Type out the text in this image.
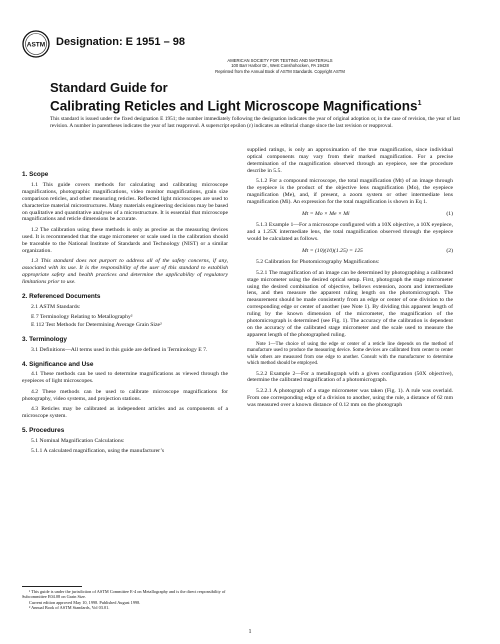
ASTM Designation: E 1951 – 98
AMERICAN SOCIETY FOR TESTING AND MATERIALS
100 Barr Harbor Dr., West Conshohocken, PA 19428
Reprinted from the Annual Book of ASTM Standards. Copyright ASTM
Standard Guide for
Calibrating Reticles and Light Microscope Magnifications$^1$
This standard is issued under the fixed designation E 1951; the number immediately following the designation indicates the year of original adoption or, in the case of revision, the year of last revision. A number in parentheses indicates the year of last reapproval. A superscript epsilon (ε) indicates an editorial change since the last revision or reapproval.
1. Scope

1.1 This guide covers methods for calculating and calibrating microscope magnifications, photographic magnifications, video monitor magnifications, grain size comparison reticles, and other measuring reticles. Reflected light microscopes are used to characterize material microstructures. Many materials engineering decisions may be based on qualitative and quantitative analyses of a microstructure. It is essential that microscope magnifications and reticle dimensions be accurate.

1.2 The calibration using these methods is only as precise as the measuring devices used. It is recommended that the stage micrometer or scale used in the calibration should be traceable to the National Institute of Standards and Technology (NIST) or a similar organization.

1.3 This standard does not purport to address all of the safety concerns, if any, associated with its use. It is the responsibility of the user of this standard to establish appropriate safety and health practices and determine the applicability of regulatory limitations prior to use.

2. Referenced Documents

2.1 ASTM Standards:

E 7 Terminology Relating to Metallography²

E 112 Test Methods for Determining Average Grain Size²

3. Terminology

3.1 Definitions—All terms used in this guide are defined in Terminology E 7.

4. Significance and Use

4.1 These methods can be used to determine magnifications as viewed through the eyepieces of light microscopes.

4.2 These methods can be used to calibrate microscope magnifications for photography, video systems, and projection stations.

4.3 Reticles may be calibrated as independent articles and as components of a microscope system.

5. Procedures

5.1 Nominal Magnification Calculations:

5.1.1 A calculated magnification, using the manufacturer’s

supplied ratings, is only an approximation of the true magnification, since individual optical components may vary from their marked magnification. For a precise determination of the magnification observed through an eyepiece, see the procedure describe in 5.5.

5.1.2 For a compound microscope, the total magnification (Mt) of an image through the eyepiece is the product of the objective lens magnification (Mo), the eyepiece magnification (Me), and, if present, a zoom system or other intermediate lens magnification (Mi). An expression for the total magnification is shown in Eq 1.

Mt = Mo × Me × Mi	(1)

5.1.3 Example 1—For a microscope configured with a 10X objective, a 10X eyepiece, and a 1.25X intermediate lens, the total magnification observed through the eyepiece would be calculated as follows.

Mt = (10)(10)(1.25) = 125	(2)

5.2 Calibration for Photomicrography Magnifications:

5.2.1 The magnification of an image can be determined by photographing a calibrated stage micrometer using the desired optical setup. First, photograph the stage micrometer using the desired combination of objective, bellows extension, zoom and intermediate lens, and then measure the apparent ruling length on the photomicrograph. The measurement should be made consistently from an edge or center of one division to the corresponding edge or center of another (see Note 1). By dividing this apparent length of ruling by the known dimension of the micrometer, the magnification of the photomicrograph is determined (see Fig. 1). The accuracy of the calibration is dependent on the accuracy of the calibrated stage micrometer and the scale used to measure the apparent length of the photographed ruling.

Note 1—The choice of using the edge or center of a reticle line depends on the method of manufacture used to produce the measuring device. Some devices are calibrated from center to center while others are measured from one edge to another. Consult with the manufacturer to determine which method should be employed.

5.2.2 Example 2—For a metallograph with a given configuration (50X objective), determine the calibrated magnification of a photomicrograph.

5.2.2.1 A photograph of a stage micrometer was taken (Fig. 1). A rule was overlaid. From one corresponding edge of a division to another, using the rule, a distance of 62 mm was measured over a known distance of 0.12 mm on the photograph

¹ This guide is under the jurisdiction of ASTM Committee E-4 on Metallography and is the direct responsibility of Subcommittee E04.08 on Grain Size.

Current edition approved May 10, 1998. Published August 1998.

² Annual Book of ASTM Standards, Vol 03.01.

1
